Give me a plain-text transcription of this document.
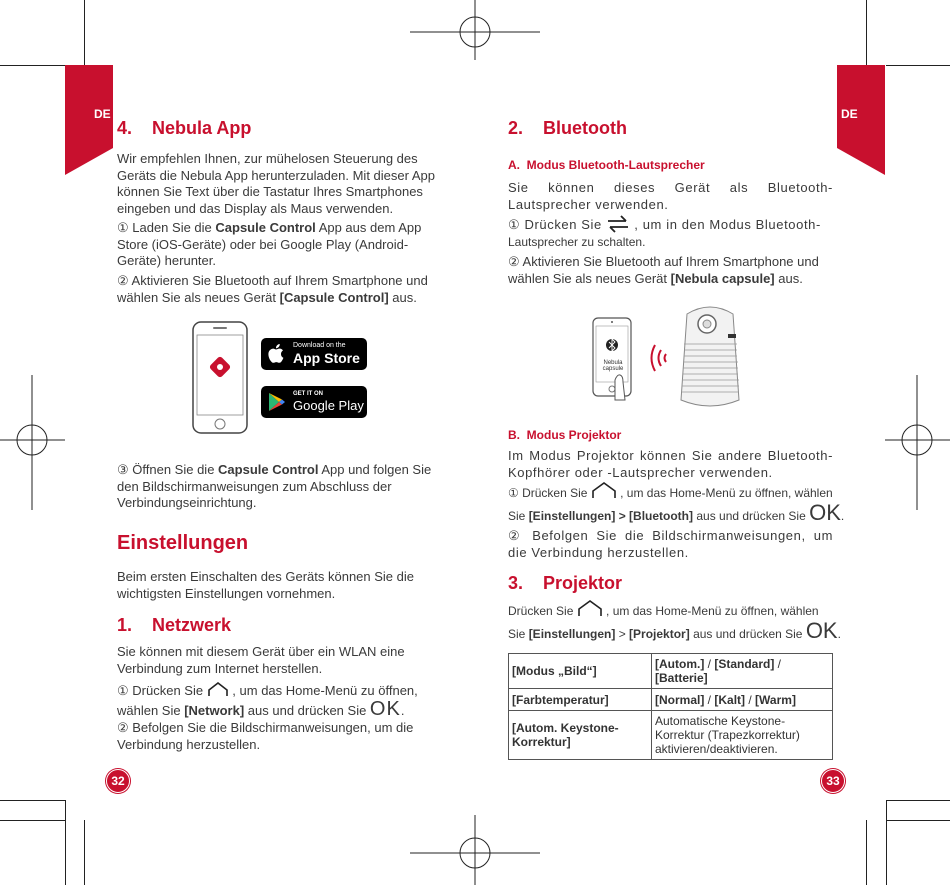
DE	DE
4.    Nebula App
Wir empfehlen Ihnen, zur mühelosen Steuerung des Geräts die Nebula App herunterzuladen. Mit dieser App können Sie Text über die Tastatur Ihres Smartphones eingeben und das Display als Maus verwenden.
① Laden Sie die Capsule Control App aus dem App Store (iOS-Geräte) oder bei Google Play (Android-Geräte) herunter.
② Aktivieren Sie Bluetooth auf Ihrem Smartphone und wählen Sie als neues Gerät [Capsule Control] aus.
Download on the
App Store
GET IT ON
Google Play
③ Öffnen Sie die Capsule Control App und folgen Sie den Bildschirmanweisungen zum Abschluss der Verbindungseinrichtung.
Einstellungen
Beim ersten Einschalten des Geräts können Sie die wichtigsten Einstellungen vornehmen.
1.    Netzwerk
Sie können mit diesem Gerät über ein WLAN eine Verbindung zum Internet herstellen.
① Drücken Sie  , um das Home-Menü zu öffnen, wählen Sie [Network] aus und drücken Sie OK.
② Befolgen Sie die Bildschirmanweisungen, um die Verbindung herzustellen.
32
2.    Bluetooth
A.  Modus Bluetooth-Lautsprecher
Sie können dieses Gerät als Bluetooth-Lautsprecher verwenden.
① Drücken Sie  , um in den Modus Bluetooth-
Lautsprecher zu schalten.
② Aktivieren Sie Bluetooth auf Ihrem Smartphone und wählen Sie als neues Gerät [Nebula capsule] aus.
Nebula capsule
B.  Modus Projektor
Im Modus Projektor können Sie andere Bluetooth-Kopfhörer oder -Lautsprecher verwenden.
① Drücken Sie  , um das Home-Menü zu öffnen, wählen
Sie [Einstellungen] > [Bluetooth] aus und drücken Sie OK.
② Befolgen Sie die Bildschirmanweisungen, um die Verbindung herzustellen.
3.    Projektor
Drücken Sie  , um das Home-Menü zu öffnen, wählen
Sie [Einstellungen] > [Projektor] aus und drücken Sie OK.
[Modus „Bild“]	[Autom.] / [Standard] /
[Batterie]
[Farbtemperatur]	[Normal] / [Kalt] / [Warm]
[Autom. Keystone-Korrektur]	Automatische Keystone-Korrektur (Trapezkorrektur) aktivieren/deaktivieren.
33
